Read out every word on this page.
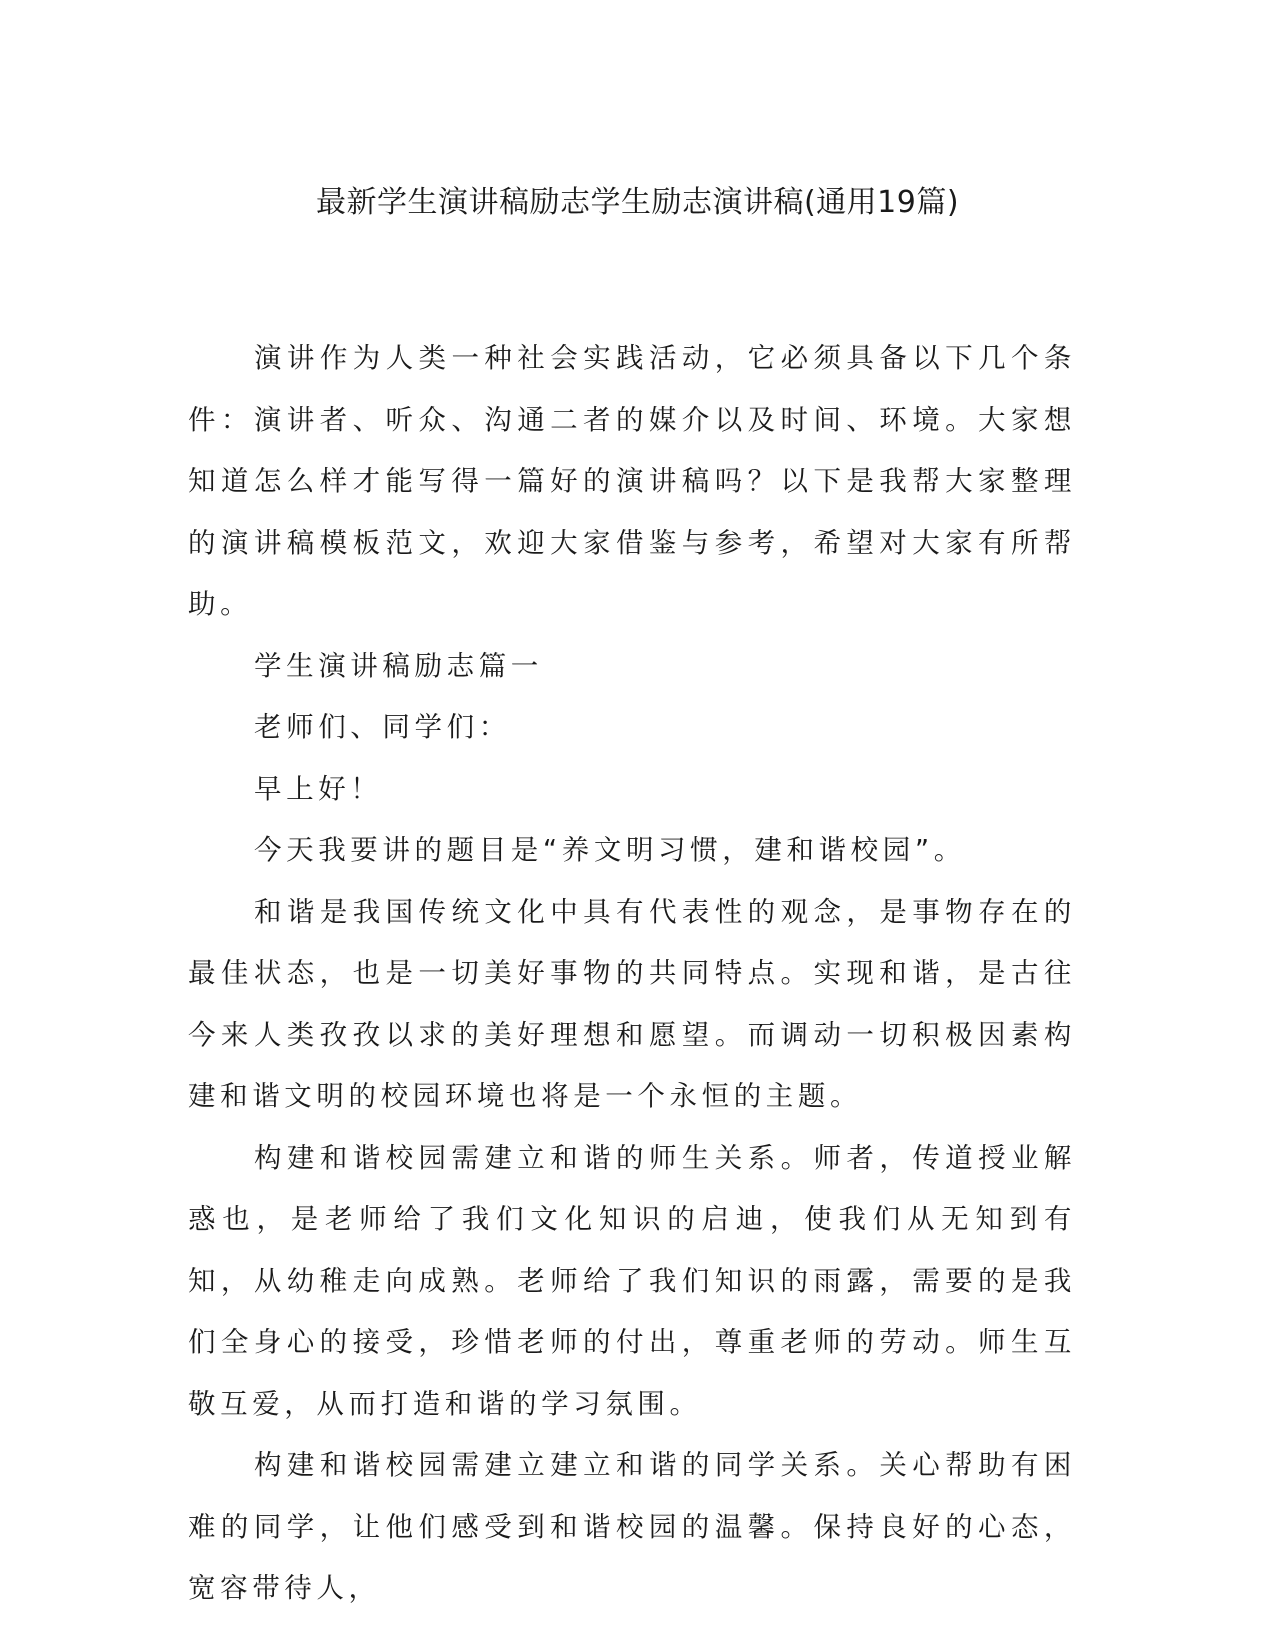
最新学生演讲稿励志学生励志演讲稿(通用19篇)

演讲作为人类一种社会实践活动，它必须具备以下几个条件：演讲者、听众、沟通二者的媒介以及时间、环境。大家想知道怎么样才能写得一篇好的演讲稿吗？以下是我帮大家整理的演讲稿模板范文，欢迎大家借鉴与参考，希望对大家有所帮助。

学生演讲稿励志篇一

老师们、同学们：

早上好！

今天我要讲的题目是“养文明习惯，建和谐校园”。

和谐是我国传统文化中具有代表性的观念，是事物存在的最佳状态，也是一切美好事物的共同特点。实现和谐，是古往今来人类孜孜以求的美好理想和愿望。而调动一切积极因素构建和谐文明的校园环境也将是一个永恒的主题。

构建和谐校园需建立和谐的师生关系。师者，传道授业解惑也，是老师给了我们文化知识的启迪，使我们从无知到有知，从幼稚走向成熟。老师给了我们知识的雨露，需要的是我们全身心的接受，珍惜老师的付出，尊重老师的劳动。师生互敬互爱，从而打造和谐的学习氛围。

构建和谐校园需建立建立和谐的同学关系。关心帮助有困难的同学，让他们感受到和谐校园的温馨。保持良好的心态，宽容带待人，
